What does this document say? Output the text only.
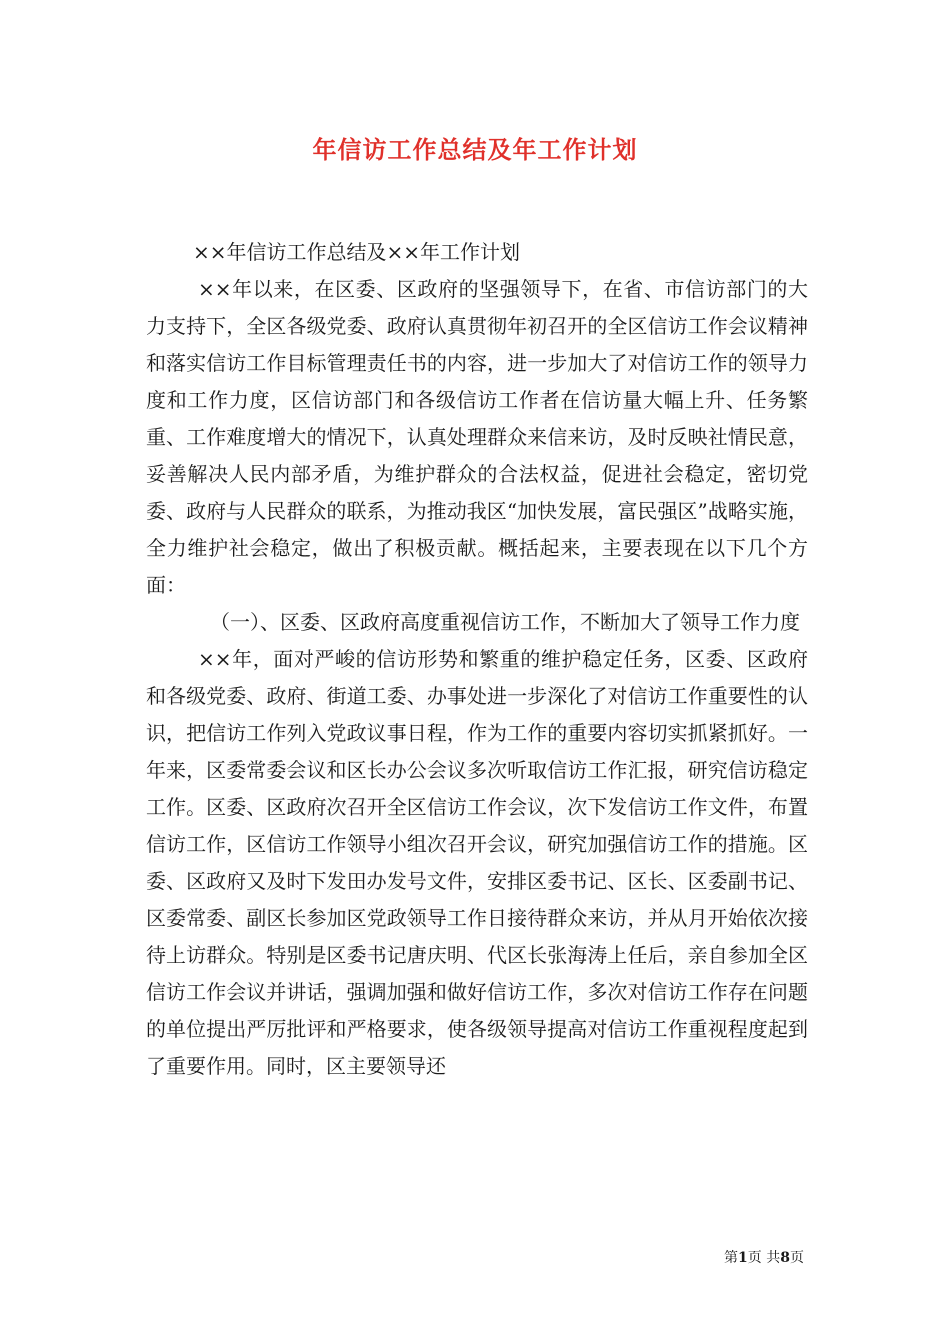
年信访工作总结及年工作计划

××年信访工作总结及××年工作计划

××年以来，在区委、区政府的坚强领导下，在省、市信访部门的大力支持下，全区各级党委、政府认真贯彻年初召开的全区信访工作会议精神和落实信访工作目标管理责任书的内容，进一步加大了对信访工作的领导力度和工作力度，区信访部门和各级信访工作者在信访量大幅上升、任务繁重、工作难度增大的情况下，认真处理群众来信来访，及时反映社情民意，妥善解决人民内部矛盾，为维护群众的合法权益，促进社会稳定，密切党委、政府与人民群众的联系，为推动我区“加快发展，富民强区”战略实施，全力维护社会稳定，做出了积极贡献。概括起来，主要表现在以下几个方面：

（一）、区委、区政府高度重视信访工作，不断加大了领导工作力度

××年，面对严峻的信访形势和繁重的维护稳定任务，区委、区政府和各级党委、政府、街道工委、办事处进一步深化了对信访工作重要性的认识，把信访工作列入党政议事日程，作为工作的重要内容切实抓紧抓好。一年来，区委常委会议和区长办公会议多次听取信访工作汇报，研究信访稳定工作。区委、区政府次召开全区信访工作会议，次下发信访工作文件，布置信访工作，区信访工作领导小组次召开会议，研究加强信访工作的措施。区委、区政府又及时下发田办发号文件，安排区委书记、区长、区委副书记、区委常委、副区长参加区党政领导工作日接待群众来访，并从月开始依次接待上访群众。特别是区委书记唐庆明、代区长张海涛上任后，亲自参加全区信访工作会议并讲话，强调加强和做好信访工作，多次对信访工作存在问题的单位提出严厉批评和严格要求，使各级领导提高对信访工作重视程度起到了重要作用。同时，区主要领导还

第1页 共8页
